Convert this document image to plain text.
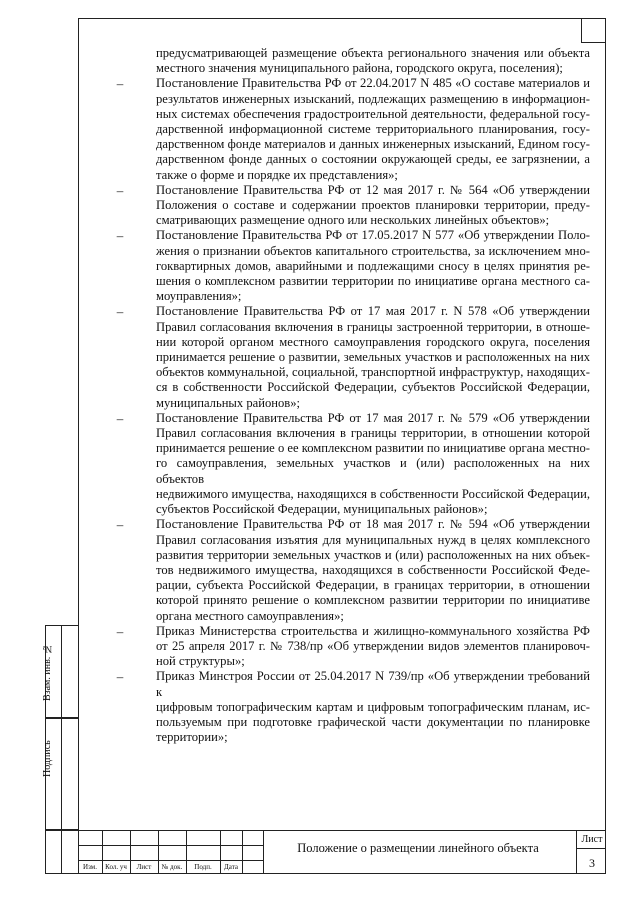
предусматривающей размещение объекта регионального значения или объекта
местного значения муниципального района, городского округа, поселения);
–	Постановление Правительства РФ от 22.04.2017 N 485 «О составе материалов и
результатов инженерных изысканий, подлежащих размещению в информацион-
ных системах обеспечения градостроительной деятельности, федеральной госу-
дарственной информационной системе территориального планирования, госу-
дарственном фонде материалов и данных инженерных изысканий, Едином госу-
дарственном фонде данных о состоянии окружающей среды, ее загрязнении, а
также о форме и порядке их представления»;
–	Постановление Правительства РФ от 12 мая 2017 г. № 564 «Об утверждении
Положения о составе и содержании проектов планировки территории, преду-
сматривающих размещение одного или нескольких линейных объектов»;
–	Постановление Правительства РФ от 17.05.2017 N 577 «Об утверждении Поло-
жения о признании объектов капитального строительства, за исключением мно-
гоквартирных домов, аварийными и подлежащими сносу в целях принятия ре-
шения о комплексном развитии территории по инициативе органа местного са-
моуправления»;
–	Постановление Правительства РФ от 17 мая 2017 г. N 578 «Об утверждении
Правил согласования включения в границы застроенной территории, в отноше-
нии которой органом местного самоуправления городского округа, поселения
принимается решение о развитии, земельных участков и расположенных на них
объектов коммунальной, социальной, транспортной инфраструктур, находящих-
ся в собственности Российской Федерации, субъектов Российской Федерации,
муниципальных районов»;
–	Постановление Правительства РФ от 17 мая 2017 г. № 579 «Об утверждении
Правил согласования включения в границы территории, в отношении которой
принимается решение о ее комплексном развитии по инициативе органа местно-
го самоуправления, земельных участков и (или) расположенных на них объектов
недвижимого имущества, находящихся в собственности Российской Федерации,
субъектов Российской Федерации, муниципальных районов»;
–	Постановление Правительства РФ от 18 мая 2017 г. № 594 «Об утверждении
Правил согласования изъятия для муниципальных нужд в целях комплексного
развития территории земельных участков и (или) расположенных на них объек-
тов недвижимого имущества, находящихся в собственности Российской Феде-
рации, субъекта Российской Федерации, в границах территории, в отношении
которой принято решение о комплексном развитии территории по инициативе
органа местного самоуправления»;
–	Приказ Министерства строительства и жилищно-коммунального хозяйства РФ
от 25 апреля 2017 г. № 738/пр «Об утверждении видов элементов планировоч-
ной структуры»;
–	Приказ Минстроя России от 25.04.2017 N 739/пр «Об утверждении требований к
цифровым топографическим картам и цифровым топографическим планам, ис-
пользуемым при подготовке графической части документации по планировке
территории»;
Взам. инв. №
Подпись
Изм.	Кол. уч	Лист	№ док.	Подп.	Дата
Положение о размещении линейного объекта
Лист
3
